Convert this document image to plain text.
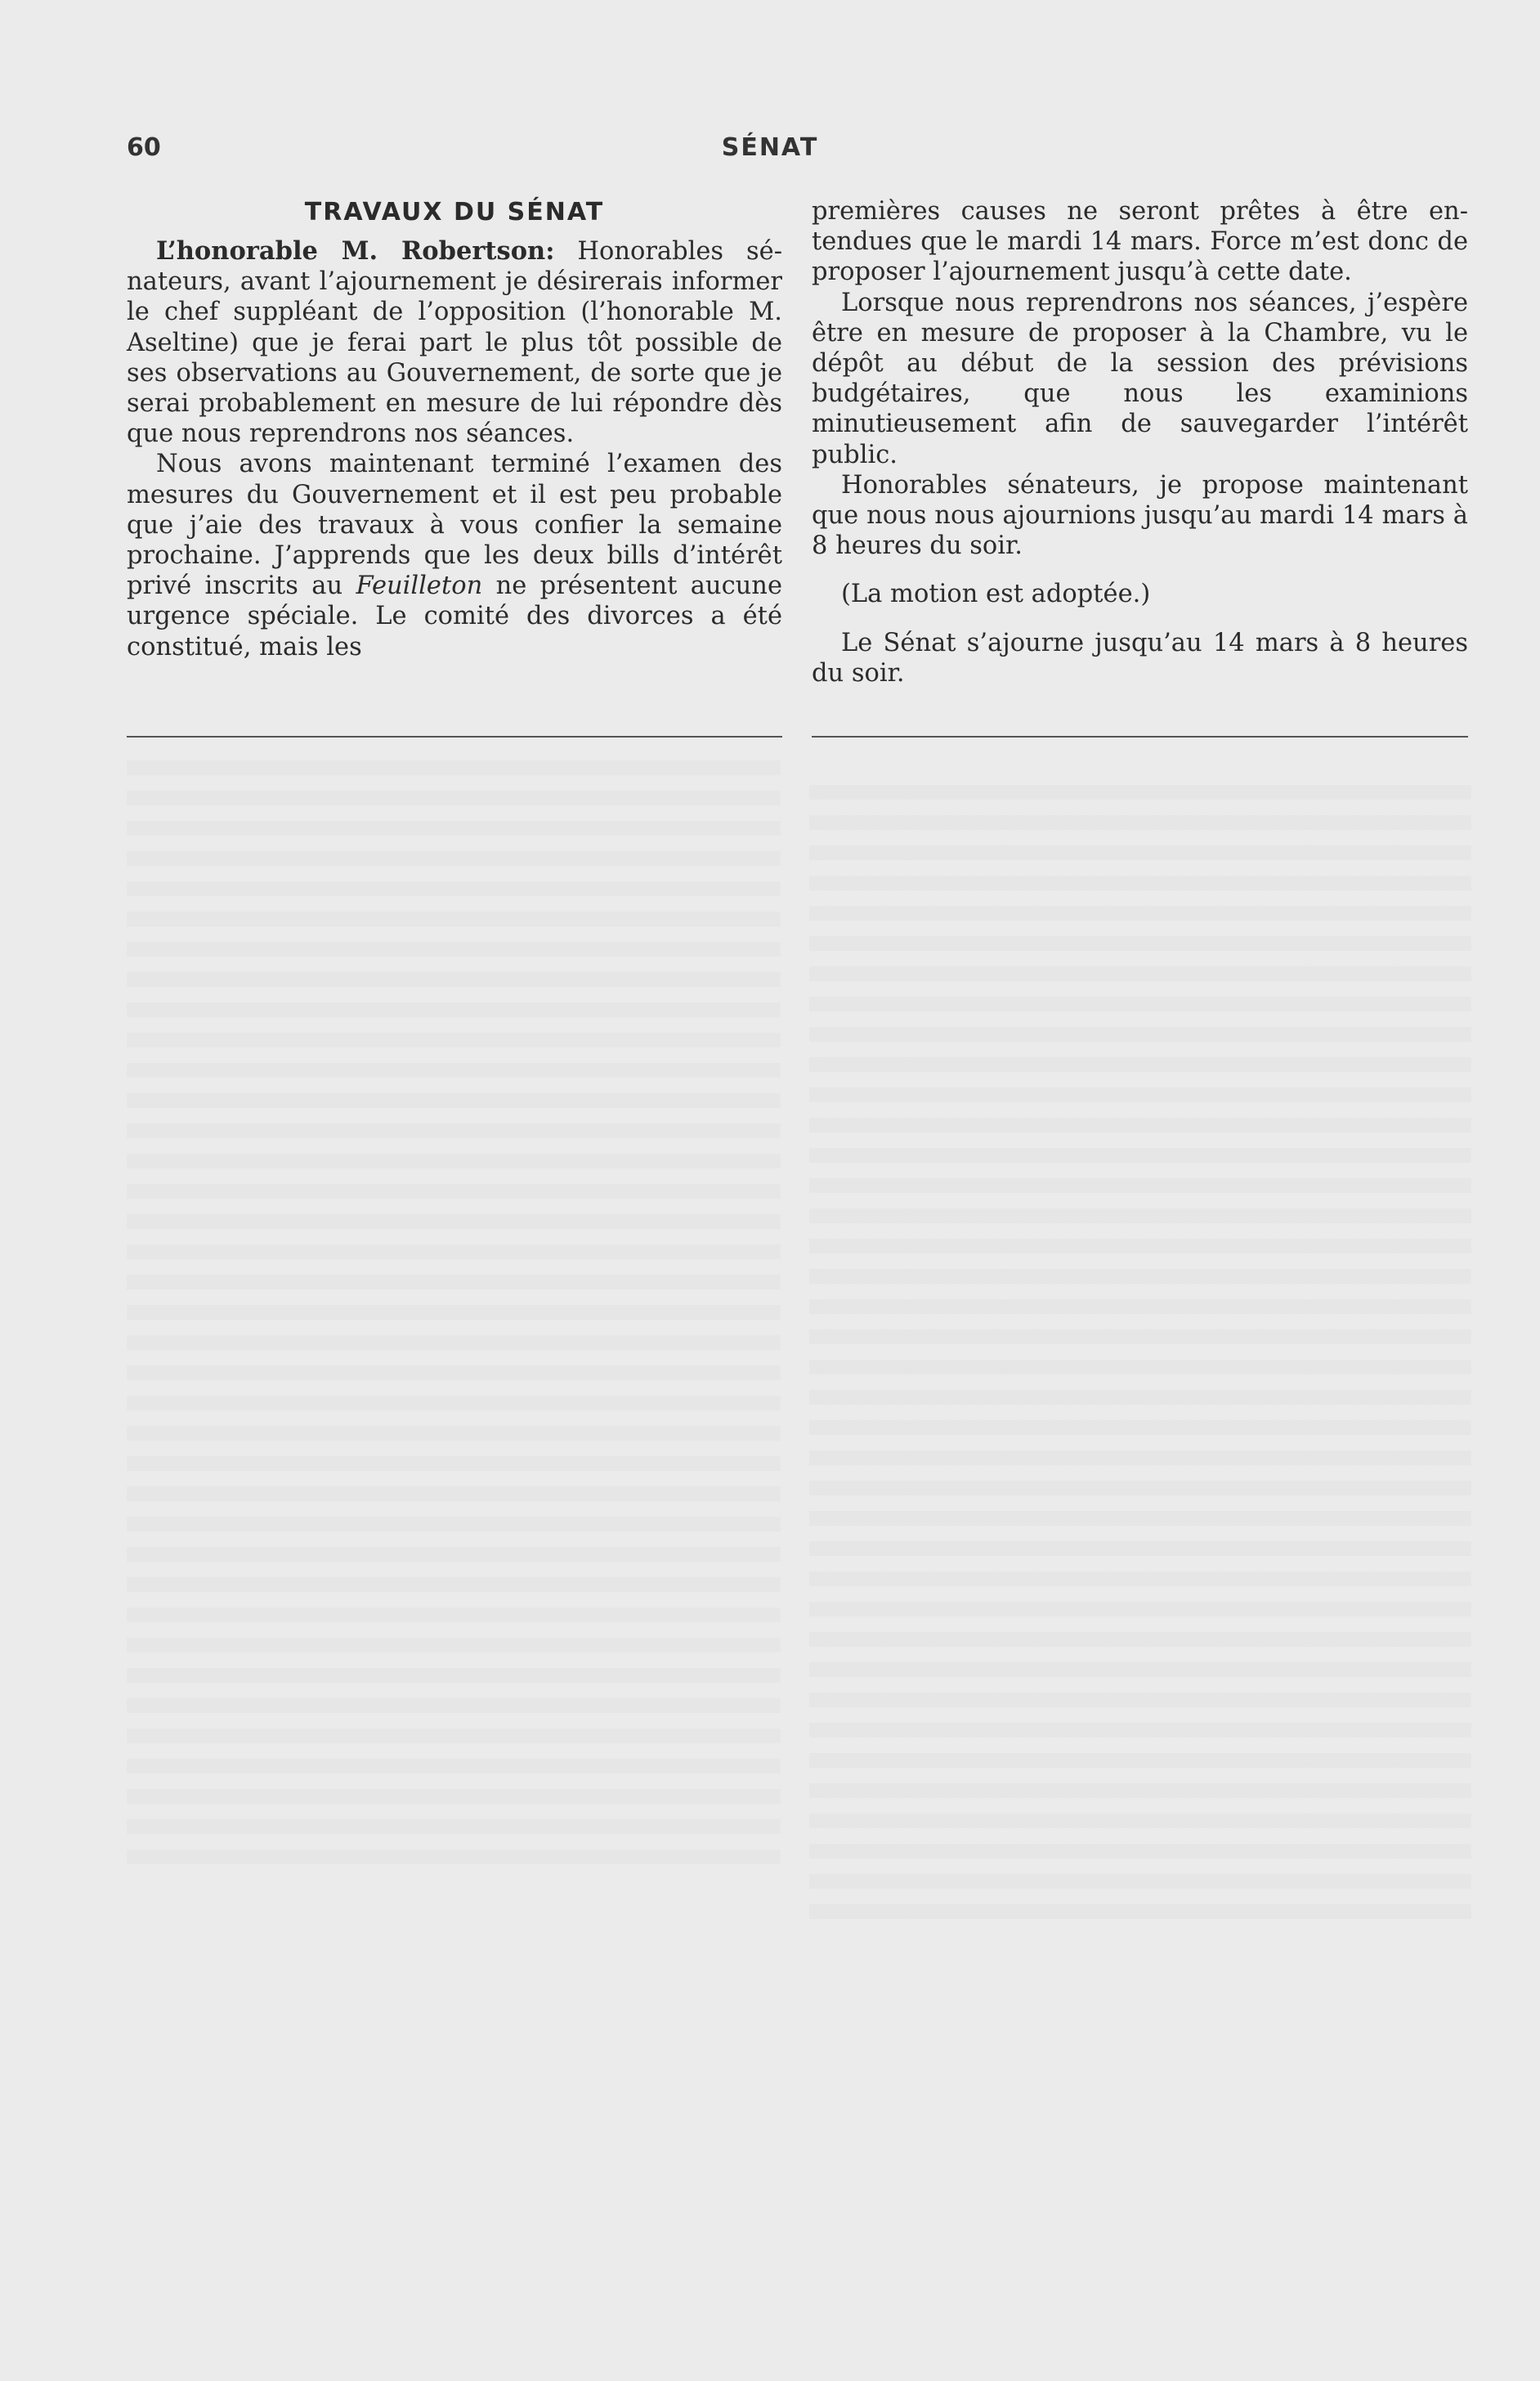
60	SÉNAT
TRAVAUX DU SÉNAT

L’honorable M. Robertson: Honorables sénateurs, avant l’ajournement je désirerais informer le chef suppléant de l’opposition (l’honorable M. Aseltine) que je ferai part le plus tôt possible de ses observations au Gouvernement, de sorte que je serai probablement en mesure de lui répondre dès que nous reprendrons nos séances.

Nous avons maintenant terminé l’examen des mesures du Gouvernement et il est peu probable que j’aie des travaux à vous confier la semaine prochaine. J’apprends que les deux bills d’intérêt privé inscrits au Feuilleton ne présentent aucune urgence spéciale. Le comité des divorces a été constitué, mais les

premières causes ne seront prêtes à être entendues que le mardi 14 mars. Force m’est donc de proposer l’ajournement jusqu’à cette date.

Lorsque nous reprendrons nos séances, j’espère être en mesure de proposer à la Chambre, vu le dépôt au début de la session des prévisions budgétaires, que nous les examinions minutieusement afin de sauvegarder l’intérêt public.

Honorables sénateurs, je propose maintenant que nous nous ajournions jusqu’au mardi 14 mars à 8 heures du soir.

(La motion est adoptée.)

Le Sénat s’ajourne jusqu’au 14 mars à 8 heures du soir.
